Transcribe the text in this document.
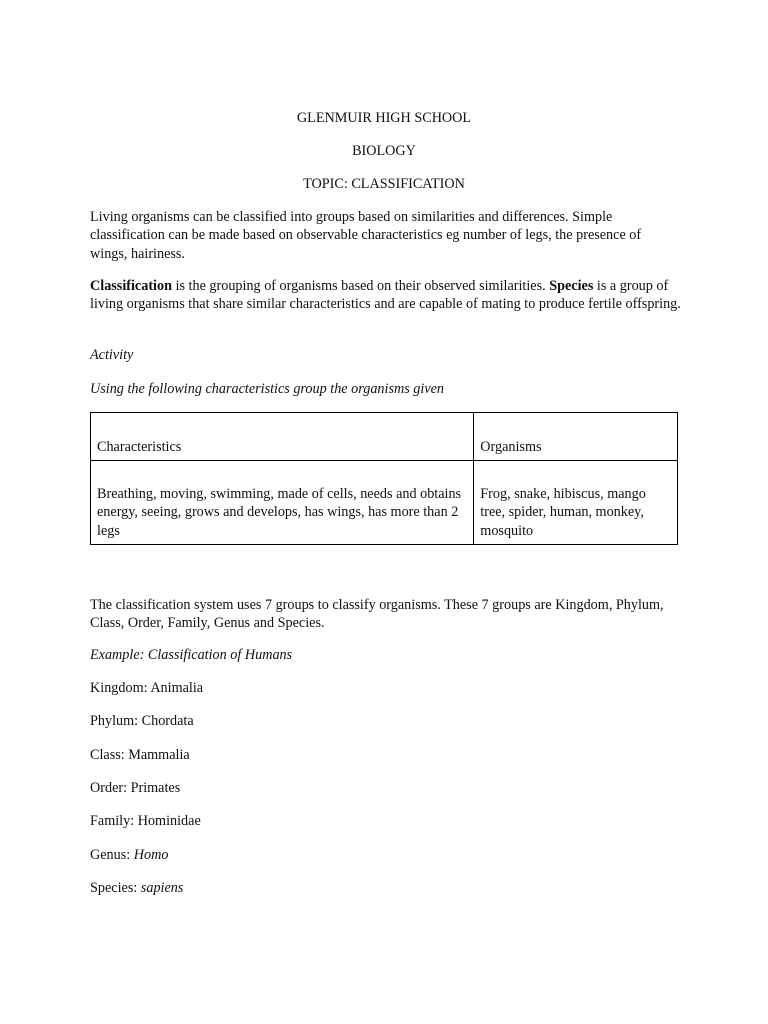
GLENMUIR HIGH SCHOOL
BIOLOGY
TOPIC: CLASSIFICATION
Living organisms can be classified into groups based on similarities and differences. Simple classification can be made based on observable characteristics eg number of legs, the presence of wings, hairiness.
Classification is the grouping of organisms based on their observed similarities. Species is a group of living organisms that share similar characteristics and are capable of mating to produce fertile offspring.
Activity
Using the following characteristics group the organisms given
Characteristics	Organisms
Breathing, moving, swimming, made of cells, needs and obtains energy, seeing, grows and develops, has wings, has more than 2 legs	Frog, snake, hibiscus, mango tree, spider, human, monkey, mosquito
The classification system uses 7 groups to classify organisms. These 7 groups are Kingdom, Phylum, Class, Order, Family, Genus and Species.
Example: Classification of Humans
Kingdom: Animalia
Phylum: Chordata
Class: Mammalia
Order: Primates
Family: Hominidae
Genus: Homo
Species: sapiens
